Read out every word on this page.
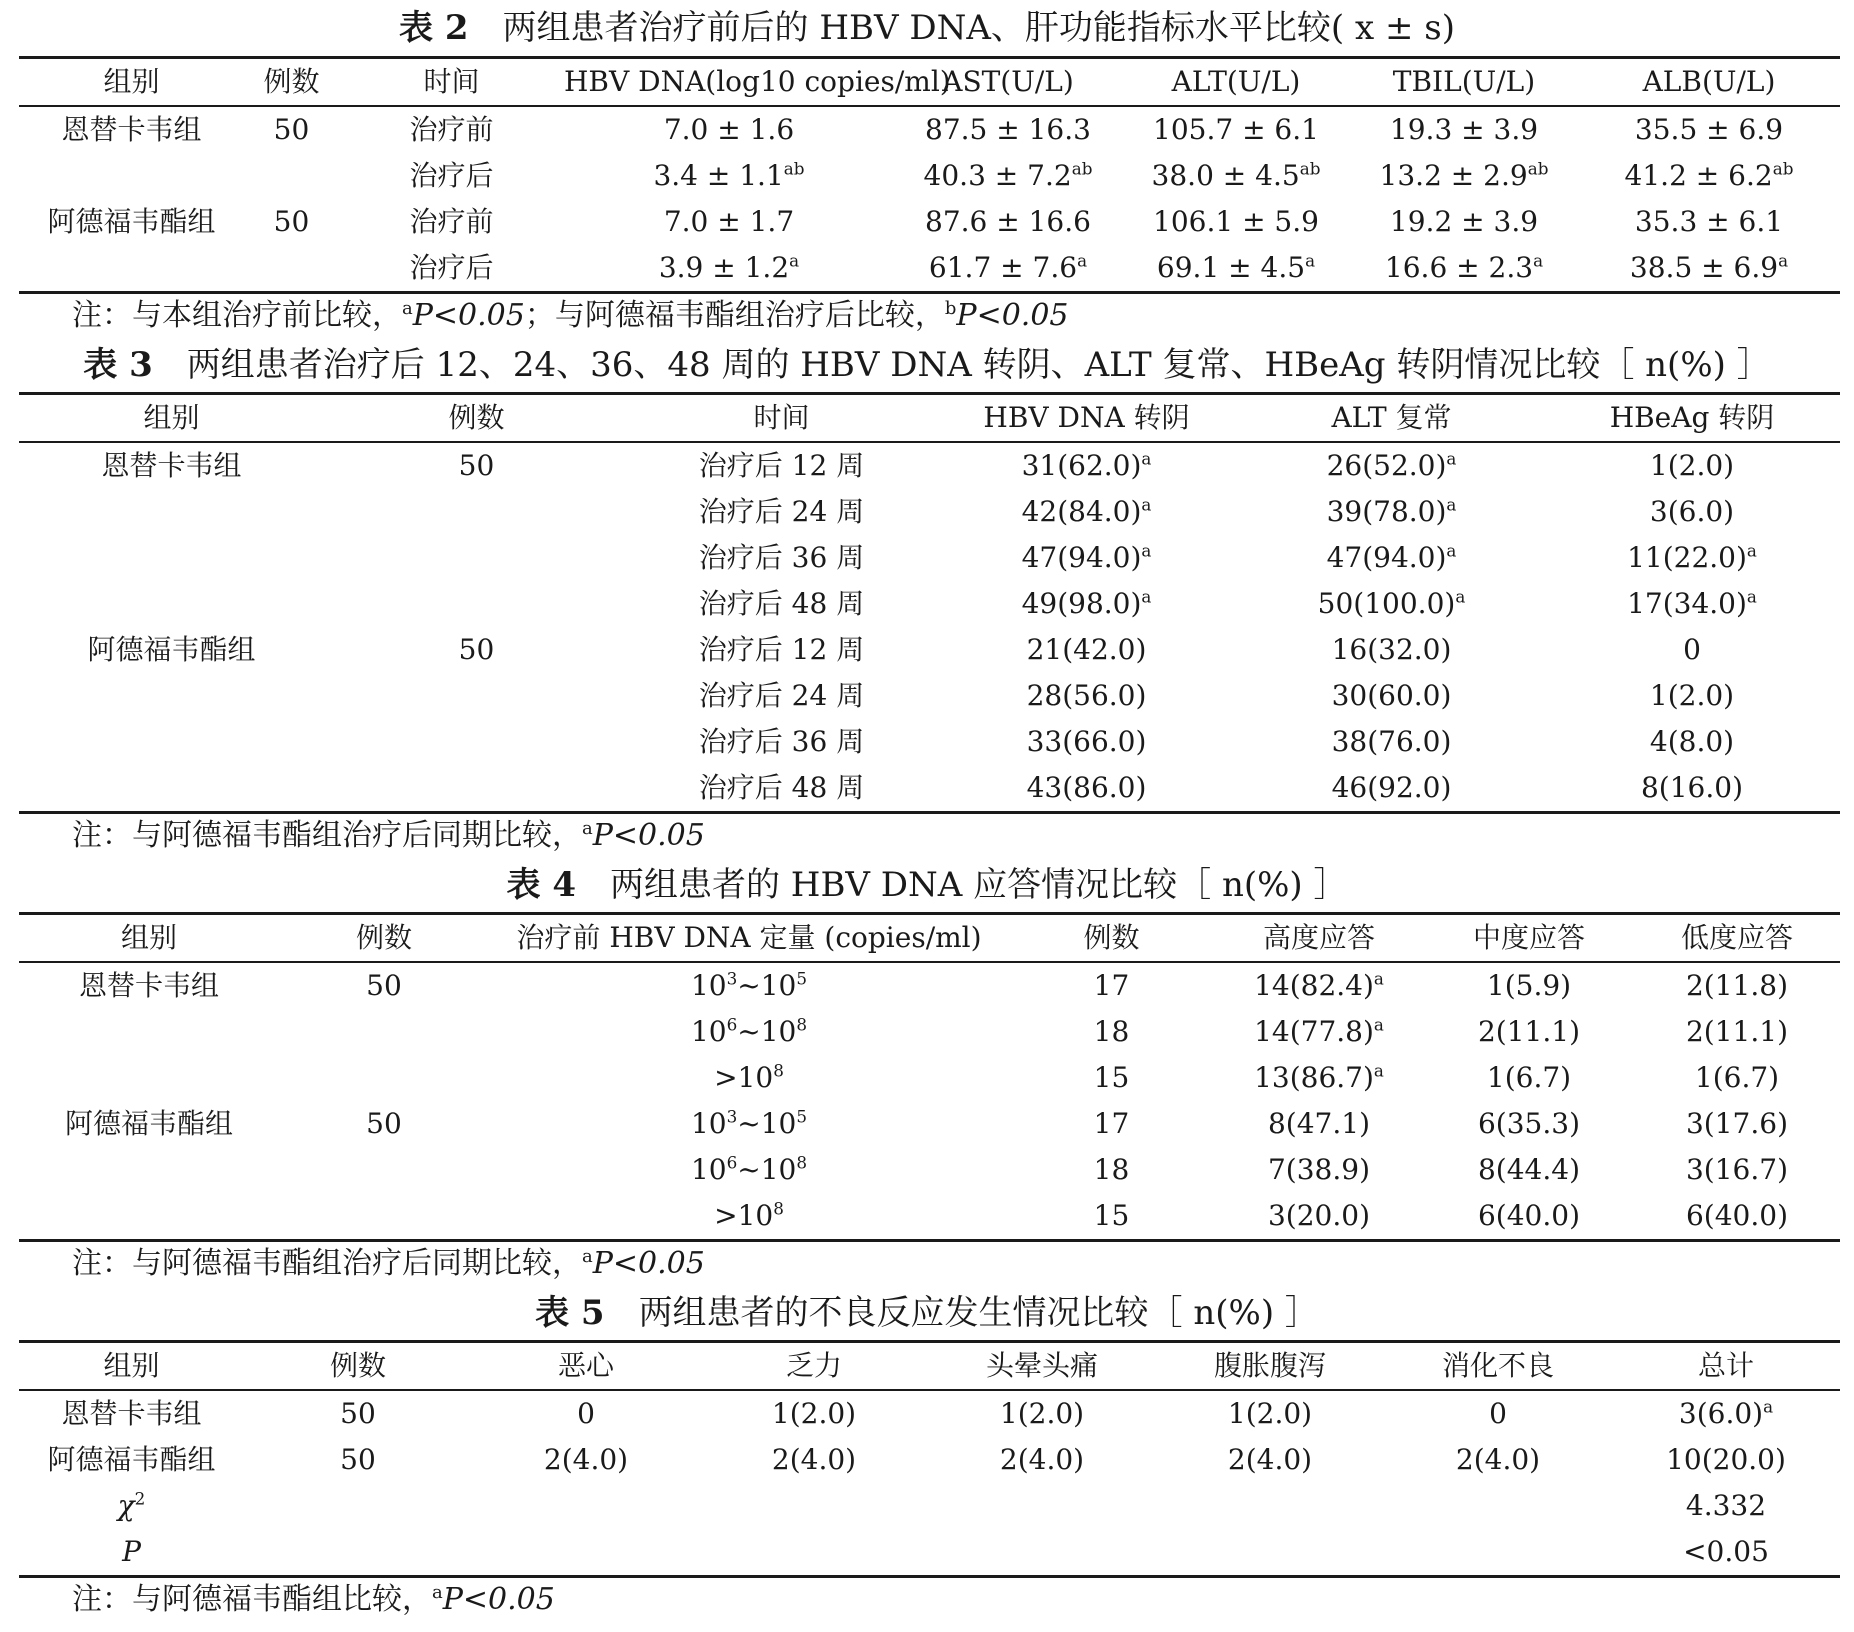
表 2 两组患者治疗前后的 HBV DNA、肝功能指标水平比较( x ± s)
组别	例数	时间	HBV DNA(log10 copies/ml)	AST(U/L)	ALT(U/L)	TBIL(U/L)	ALB(U/L)
恩替卡韦组	50	治疗前	7.0 ± 1.6	87.5 ± 16.3	105.7 ± 6.1	19.3 ± 3.9	35.5 ± 6.9
		治疗后	3.4 ± 1.1$^{ab}$	40.3 ± 7.2$^{ab}$	38.0 ± 4.5$^{ab}$	13.2 ± 2.9$^{ab}$	41.2 ± 6.2$^{ab}$
阿德福韦酯组	50	治疗前	7.0 ± 1.7	87.6 ± 16.6	106.1 ± 5.9	19.2 ± 3.9	35.3 ± 6.1
		治疗后	3.9 ± 1.2$^a$	61.7 ± 7.6$^a$	69.1 ± 4.5$^a$	16.6 ± 2.3$^a$	38.5 ± 6.9$^a$
注：与本组治疗前比较，$^a$P<0.05；与阿德福韦酯组治疗后比较，$^b$P<0.05
表 3 两组患者治疗后 12、24、36、48 周的 HBV DNA 转阴、ALT 复常、HBeAg 转阴情况比较［ n(%) ］
组别	例数	时间	HBV DNA 转阴	ALT 复常	HBeAg 转阴
恩替卡韦组	50	治疗后 12 周	$31(62.0)^a$	$26(52.0)^a$	1(2.0)
		治疗后 24 周	$42(84.0)^a$	$39(78.0)^a$	3(6.0)
		治疗后 36 周	$47(94.0)^a$	$47(94.0)^a$	$11(22.0)^a$
		治疗后 48 周	$49(98.0)^a$	$50(100.0)^a$	$17(34.0)^a$
阿德福韦酯组	50	治疗后 12 周	21(42.0)	16(32.0)	0
		治疗后 24 周	28(56.0)	30(60.0)	1(2.0)
		治疗后 36 周	33(66.0)	38(76.0)	4(8.0)
		治疗后 48 周	43(86.0)	46(92.0)	8(16.0)
注：与阿德福韦酯组治疗后同期比较，$^a$P<0.05
表 4 两组患者的 HBV DNA 应答情况比较［ n(%) ］
组别	例数	治疗前 HBV DNA 定量 (copies/ml)	例数	高度应答	中度应答	低度应答
恩替卡韦组	50	$10^3\sim 10^5$	17	$14(82.4)^a$	1(5.9)	2(11.8)
		$10^6\sim 10^8$	18	$14(77.8)^a$	2(11.1)	2(11.1)
		$>10^8$	15	$13(86.7)^a$	1(6.7)	1(6.7)
阿德福韦酯组	50	$10^3\sim 10^5$	17	8(47.1)	6(35.3)	3(17.6)
		$10^6\sim 10^8$	18	7(38.9)	8(44.4)	3(16.7)
		$>10^8$	15	3(20.0)	6(40.0)	6(40.0)
注：与阿德福韦酯组治疗后同期比较，$^a$P<0.05
表 5 两组患者的不良反应发生情况比较［ n(%) ］
组别	例数	恶心	乏力	头晕头痛	腹胀腹泻	消化不良	总计
恩替卡韦组	50	0	1(2.0)	1(2.0)	1(2.0)	0	$3(6.0)^a$
阿德福韦酯组	50	2(4.0)	2(4.0)	2(4.0)	2(4.0)	2(4.0)	10(20.0)
$\chi^2$							4.332
P							<0.05
注：与阿德福韦酯组比较，$^a$P<0.05
